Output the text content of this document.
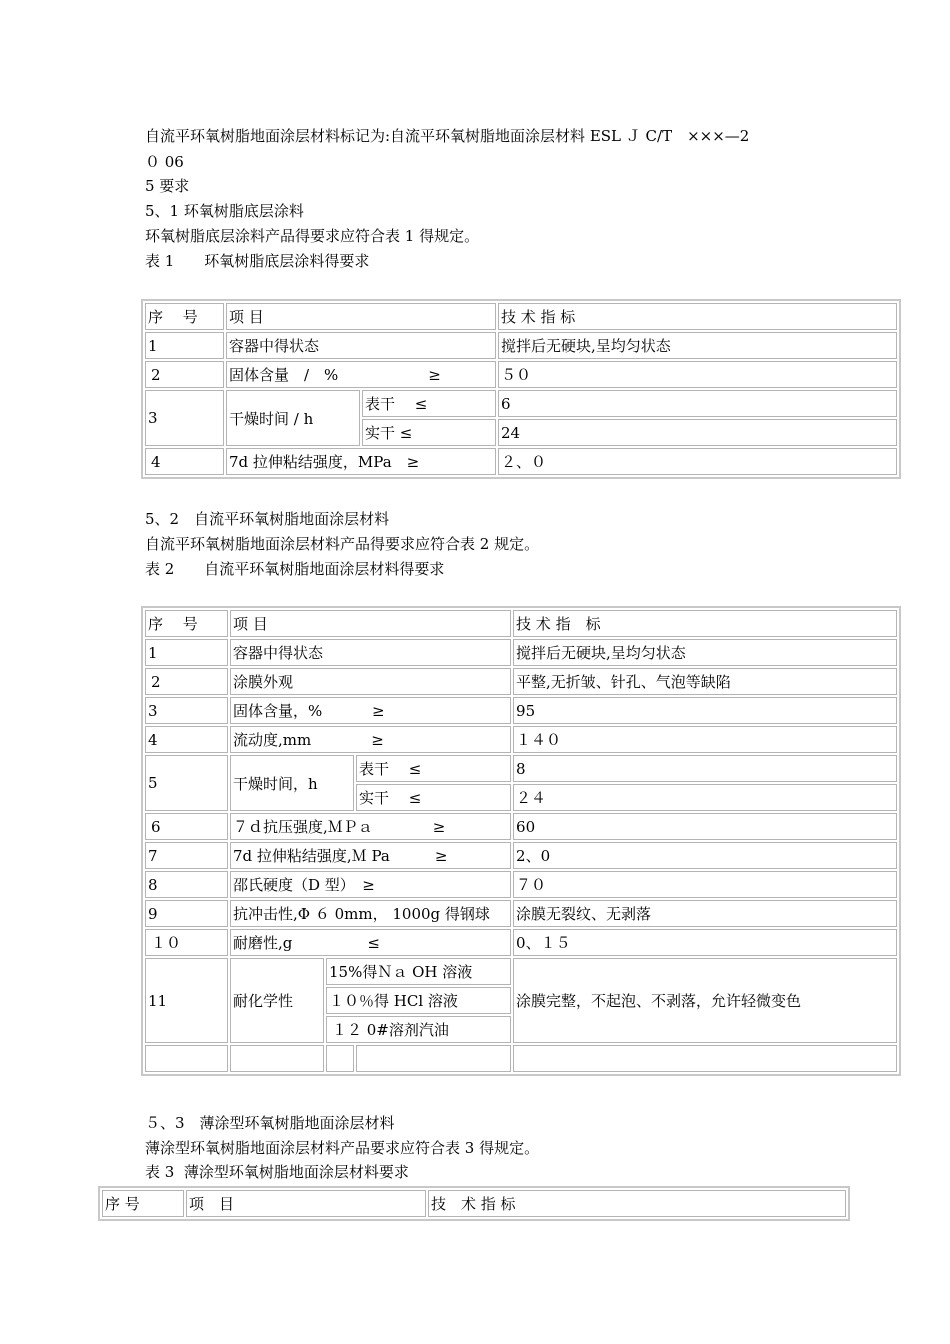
自流平环氧树脂地面涂层材料标记为:自流平环氧树脂地面涂层材料 ESL Ｊ C/T　×××—2
０ 06
5 要求
5、1 环氧树脂底层涂料
环氧树脂底层涂料产品得要求应符合表 1 得规定。
表 1　　环氧树脂底层涂料得要求
序　 号	项 目		技 术 指 标
1	容器中得状态		搅拌后无硬块,呈均匀状态
2	固体含量　/　%　　　　　　≥		５０
3	干燥时间 / h	表干　 ≤	6
		实干 ≤	24
4	7d 拉伸粘结强度，MPa　≥		２、０
5、2　自流平环氧树脂地面涂层材料
自流平环氧树脂地面涂层材料产品得要求应符合表 2 规定。
表 2　　自流平环氧树脂地面涂层材料得要求
序　 号	项 目			技 术 指　标
1	容器中得状态			搅拌后无硬块,呈均匀状态
2	涂膜外观			平整,无折皱、针孔、气泡等缺陷
3	固体含量，%　　　 ≥			95
4	流动度,mm　　　　≥			１４０
5	干燥时间，h		表干　 ≤	8
			实干　 ≤	２４
6	７ｄ抗压强度,ＭＰａ　　　　≥			60
7	7d 拉伸粘结强度,Ｍ Pa　　　≥			2、0
8	邵氏硬度（D 型）　≥			７０
9	抗冲击性,Φ ６ 0mm， 1000g 得钢球			涂膜无裂纹、无剥落
１０	耐磨性,g　　　　　≤			0、１５
11	耐化学性	15%得Ｎａ OH 溶液		涂膜完整，不起泡、不剥落，允许轻微变色
		１０％得 HCl 溶液		
		１２ 0#溶剂汽油		

５、3　薄涂型环氧树脂地面涂层材料
薄涂型环氧树脂地面涂层材料产品要求应符合表 3 得规定。
表 3  薄涂型环氧树脂地面涂层材料要求
序 号	项　目	技　术 指 标
